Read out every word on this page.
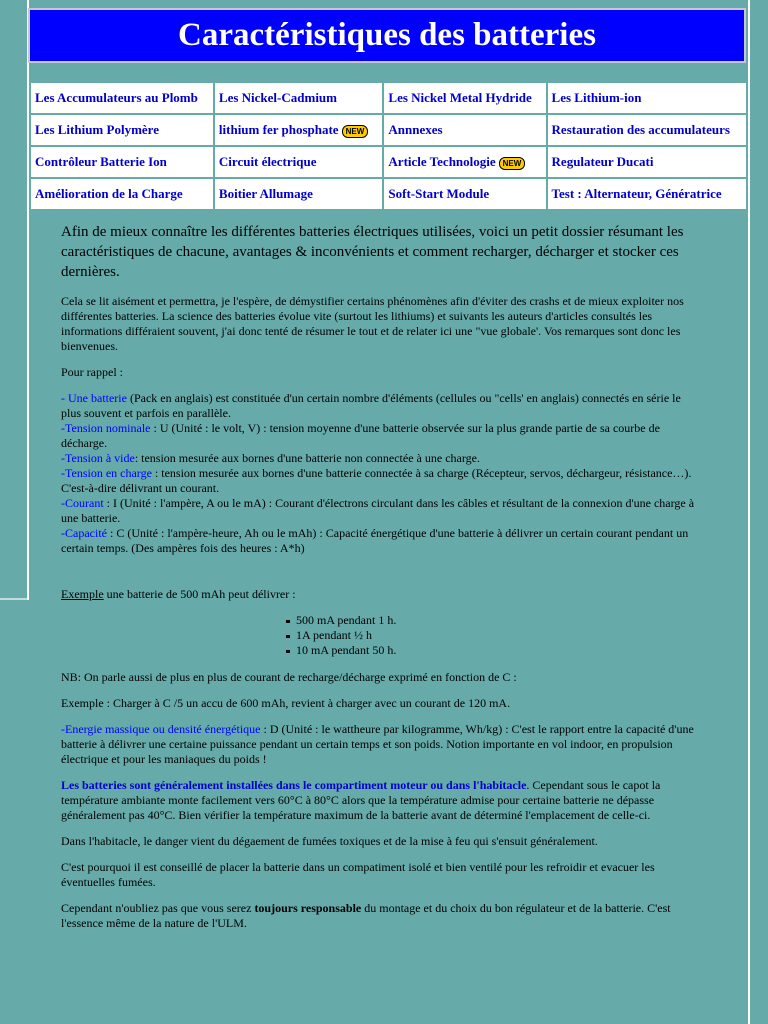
Caractéristiques des batteries
Les Accumulateurs au Plomb	Les Nickel-Cadmium	Les Nickel Metal Hydride	Les Lithium-ion
Les Lithium Polymère	lithium fer phosphate NEW	Annnexes	Restauration des accumulateurs
Contrôleur Batterie Ion	Circuit électrique	Article Technologie NEW	Regulateur Ducati
Amélioration de la Charge	Boitier Allumage	Soft-Start Module	Test : Alternateur, Génératrice

Afin de mieux connaître les différentes batteries électriques utilisées, voici un petit dossier résumant les caractéristiques de chacune, avantages & inconvénients et comment recharger, décharger et stocker ces dernières.

Cela se lit aisément et permettra, je l'espère, de démystifier certains phénomènes afin d'éviter des crashs et de mieux exploiter nos différentes batteries. La science des batteries évolue vite (surtout les lithiums) et suivants les auteurs d'articles consultés les informations différaient souvent, j'ai donc tenté de résumer le tout et de relater ici une "vue globale'. Vos remarques sont donc les bienvenues.

Pour rappel :

- Une batterie (Pack en anglais) est constituée d'un certain nombre d'éléments (cellules ou "cells' en anglais) connectés en série le plus souvent et parfois en parallèle.
-Tension nominale : U (Unité : le volt, V) : tension moyenne d'une batterie observée sur la plus grande partie de sa courbe de décharge.
-Tension à vide: tension mesurée aux bornes d'une batterie non connectée à une charge.
-Tension en charge : tension mesurée aux bornes d'une batterie connectée à sa charge (Récepteur, servos, déchargeur, résistance…). C'est-à-dire délivrant un courant.
-Courant : I (Unité : l'ampère, A ou le mA) : Courant d'électrons circulant dans les câbles et résultant de la connexion d'une charge à une batterie.
-Capacité : C (Unité : l'ampère-heure, Ah ou le mAh) : Capacité énergétique d'une batterie à délivrer un certain courant pendant un certain temps. (Des ampères fois des heures : A*h)

Exemple une batterie de 500 mAh peut délivrer :

500 mA pendant 1 h.
1A pendant ½ h
10 mA pendant 50 h.

NB: On parle aussi de plus en plus de courant de recharge/décharge exprimé en fonction de C :

Exemple : Charger à C /5 un accu de 600 mAh, revient à charger avec un courant de 120 mA.

-Energie massique ou densité énergétique : D (Unité : le wattheure par kilogramme, Wh/kg) : C'est le rapport entre la capacité d'une batterie à délivrer une certaine puissance pendant un certain temps et son poids. Notion importante en vol indoor, en propulsion électrique et pour les maniaques du poids !

Les batteries sont généralement installées dans le compartiment moteur ou dans l'habitacle. Cependant sous le capot la température ambiante monte facilement vers 60°C à 80°C alors que la température admise pour certaine batterie ne dépasse généralement pas 40°C. Bien vérifier la température maximum de la batterie avant de déterminé l'emplacement de celle-ci.

Dans l'habitacle, le danger vient du dégaement de fumées toxiques et de la mise à feu qui s'ensuit généralement.

C'est pourquoi il est conseillé de placer la batterie dans un compatiment isolé et bien ventilé pour les refroidir et evacuer les éventuelles fumées.

Cependant n'oubliez pas que vous serez toujours responsable du montage et du choix du bon régulateur et de la batterie. C'est l'essence même de la nature de l'ULM.
